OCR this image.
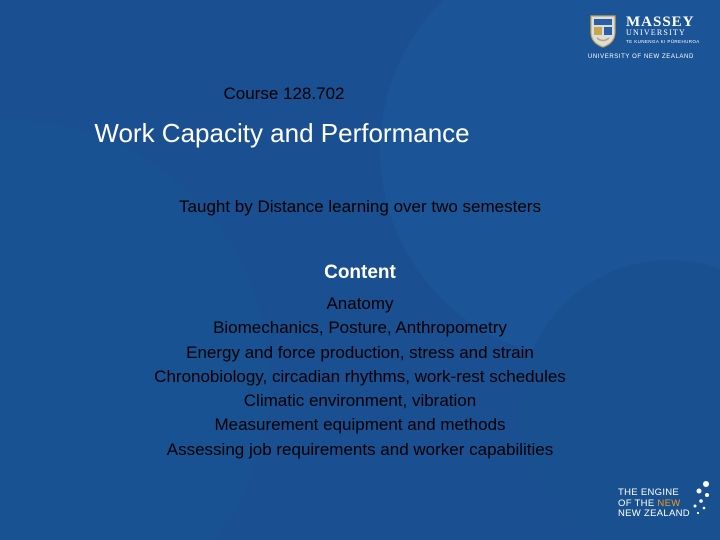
MASSEY
UNIVERSITY
TE KUNENGA KI PŪREHUROA
UNIVERSITY OF NEW ZEALAND
Course 128.702
Work Capacity and Performance
Taught by Distance learning over two semesters
Content
Anatomy
Biomechanics, Posture, Anthropometry
Energy and force production, stress and strain
Chronobiology, circadian rhythms, work-rest schedules
Climatic environment, vibration
Measurement equipment and methods
Assessing job requirements and worker capabilities
THE ENGINE
OF THE NEW
NEW ZEALAND
